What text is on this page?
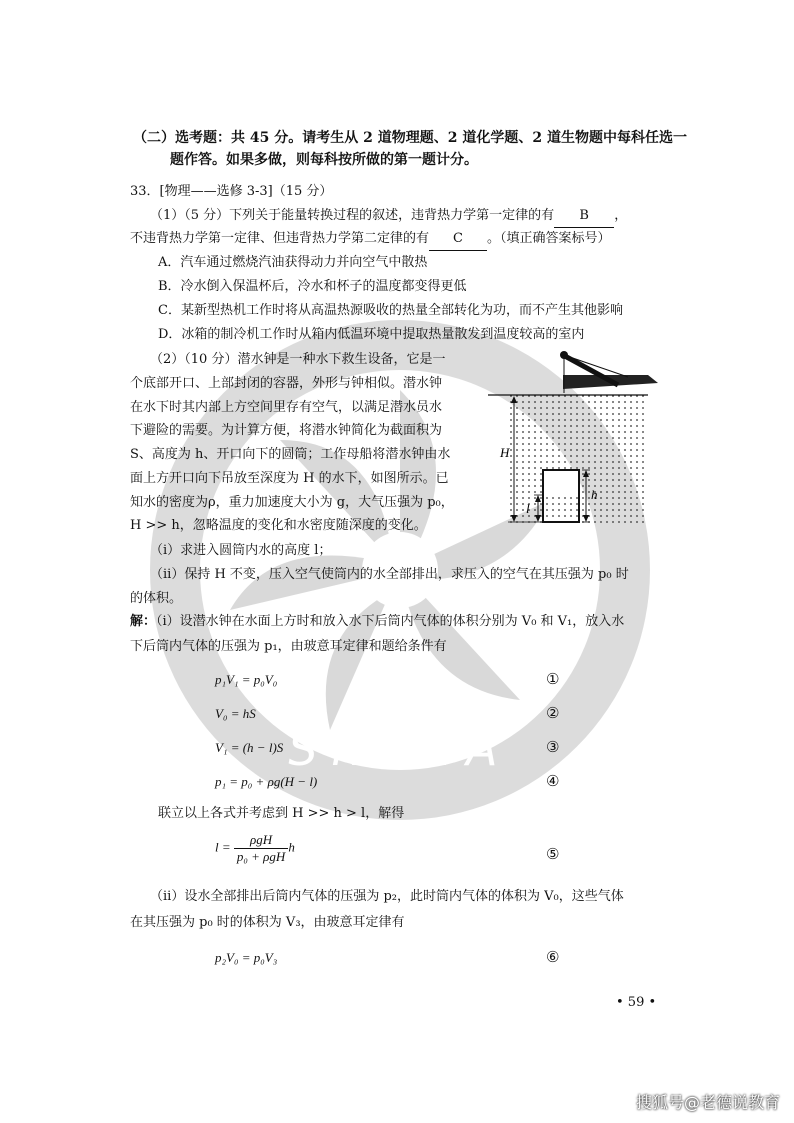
SNEEA
（二）选考题：共 45 分。请考生从 2 道物理题、2 道化学题、2 道生物题中每科任选一
题作答。如果多做，则每科按所做的第一题计分。
33．[物理——选修 3-3]（15 分）
（1）（5 分）下列关于能量转换过程的叙述，违背热力学第一定律的有 B ，
不违背热力学第一定律、但违背热力学第二定律的有 C 。（填正确答案标号）
A．汽车通过燃烧汽油获得动力并向空气中散热
B．冷水倒入保温杯后，冷水和杯子的温度都变得更低
C．某新型热机工作时将从高温热源吸收的热量全部转化为功，而不产生其他影响
D．冰箱的制冷机工作时从箱内低温环境中提取热量散发到温度较高的室内
（2）（10 分）潜水钟是一种水下救生设备，它是一
个底部开口、上部封闭的容器，外形与钟相似。潜水钟
在水下时其内部上方空间里存有空气，以满足潜水员水
下避险的需要。为计算方便，将潜水钟简化为截面积为
S、高度为 h、开口向下的圆筒；工作母船将潜水钟由水
面上方开口向下吊放至深度为 H 的水下，如图所示。已
知水的密度为ρ，重力加速度大小为 g，大气压强为 p₀，
H >> h，忽略温度的变化和水密度随深度的变化。
H
h
l
（i）求进入圆筒内水的高度 l；
（ii）保持 H 不变，压入空气使筒内的水全部排出，求压入的空气在其压强为 p₀ 时
的体积。
解：（i）设潜水钟在水面上方时和放入水下后筒内气体的体积分别为 V₀ 和 V₁，放入水
下后筒内气体的压强为 p₁，由玻意耳定律和题给条件有
p₁V₁ = p₀V₀	①
V₀ = hS	②
V₁ = (h − l)S	③
p₁ = p₀ + ρg(H − l)	④
联立以上各式并考虑到 H >> h > l，解得
$l = \frac{\text{ρgH}}{\text{p₀ + ρgH}}$ h	⑤
（ii）设水全部排出后筒内气体的压强为 p₂，此时筒内气体的体积为 V₀，这些气体
在其压强为 p₀ 时的体积为 V₃，由玻意耳定律有
p₂V₀ = p₀V₃	⑥
• 59 •
搜狐号@老德说教育
